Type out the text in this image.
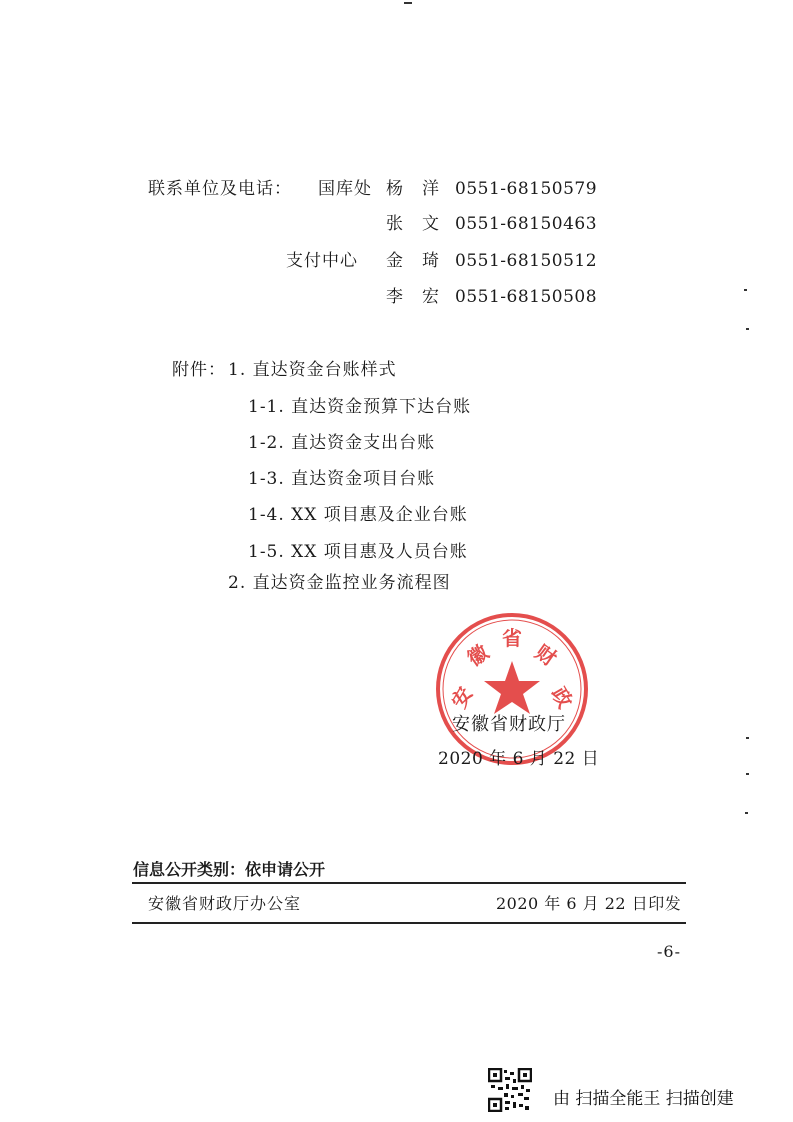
联系单位及电话： 国库处 杨　洋 0551-68150579
张　文 0551-68150463
支付中心 金　琦 0551-68150512
李　宏 0551-68150508
附件： 1. 直达资金台账样式
1-1. 直达资金预算下达台账
1-2. 直达资金支出台账
1-3. 直达资金项目台账
1-4. XX 项目惠及企业台账
1-5. XX 项目惠及人员台账
2. 直达资金监控业务流程图
安
徽
省
财
政
安徽省财政厅
2020 年 6 月 22 日
信息公开类别： 依申请公开
安徽省财政厅办公室	2020 年 6 月 22 日印发
-6-
由 扫描全能王 扫描创建
